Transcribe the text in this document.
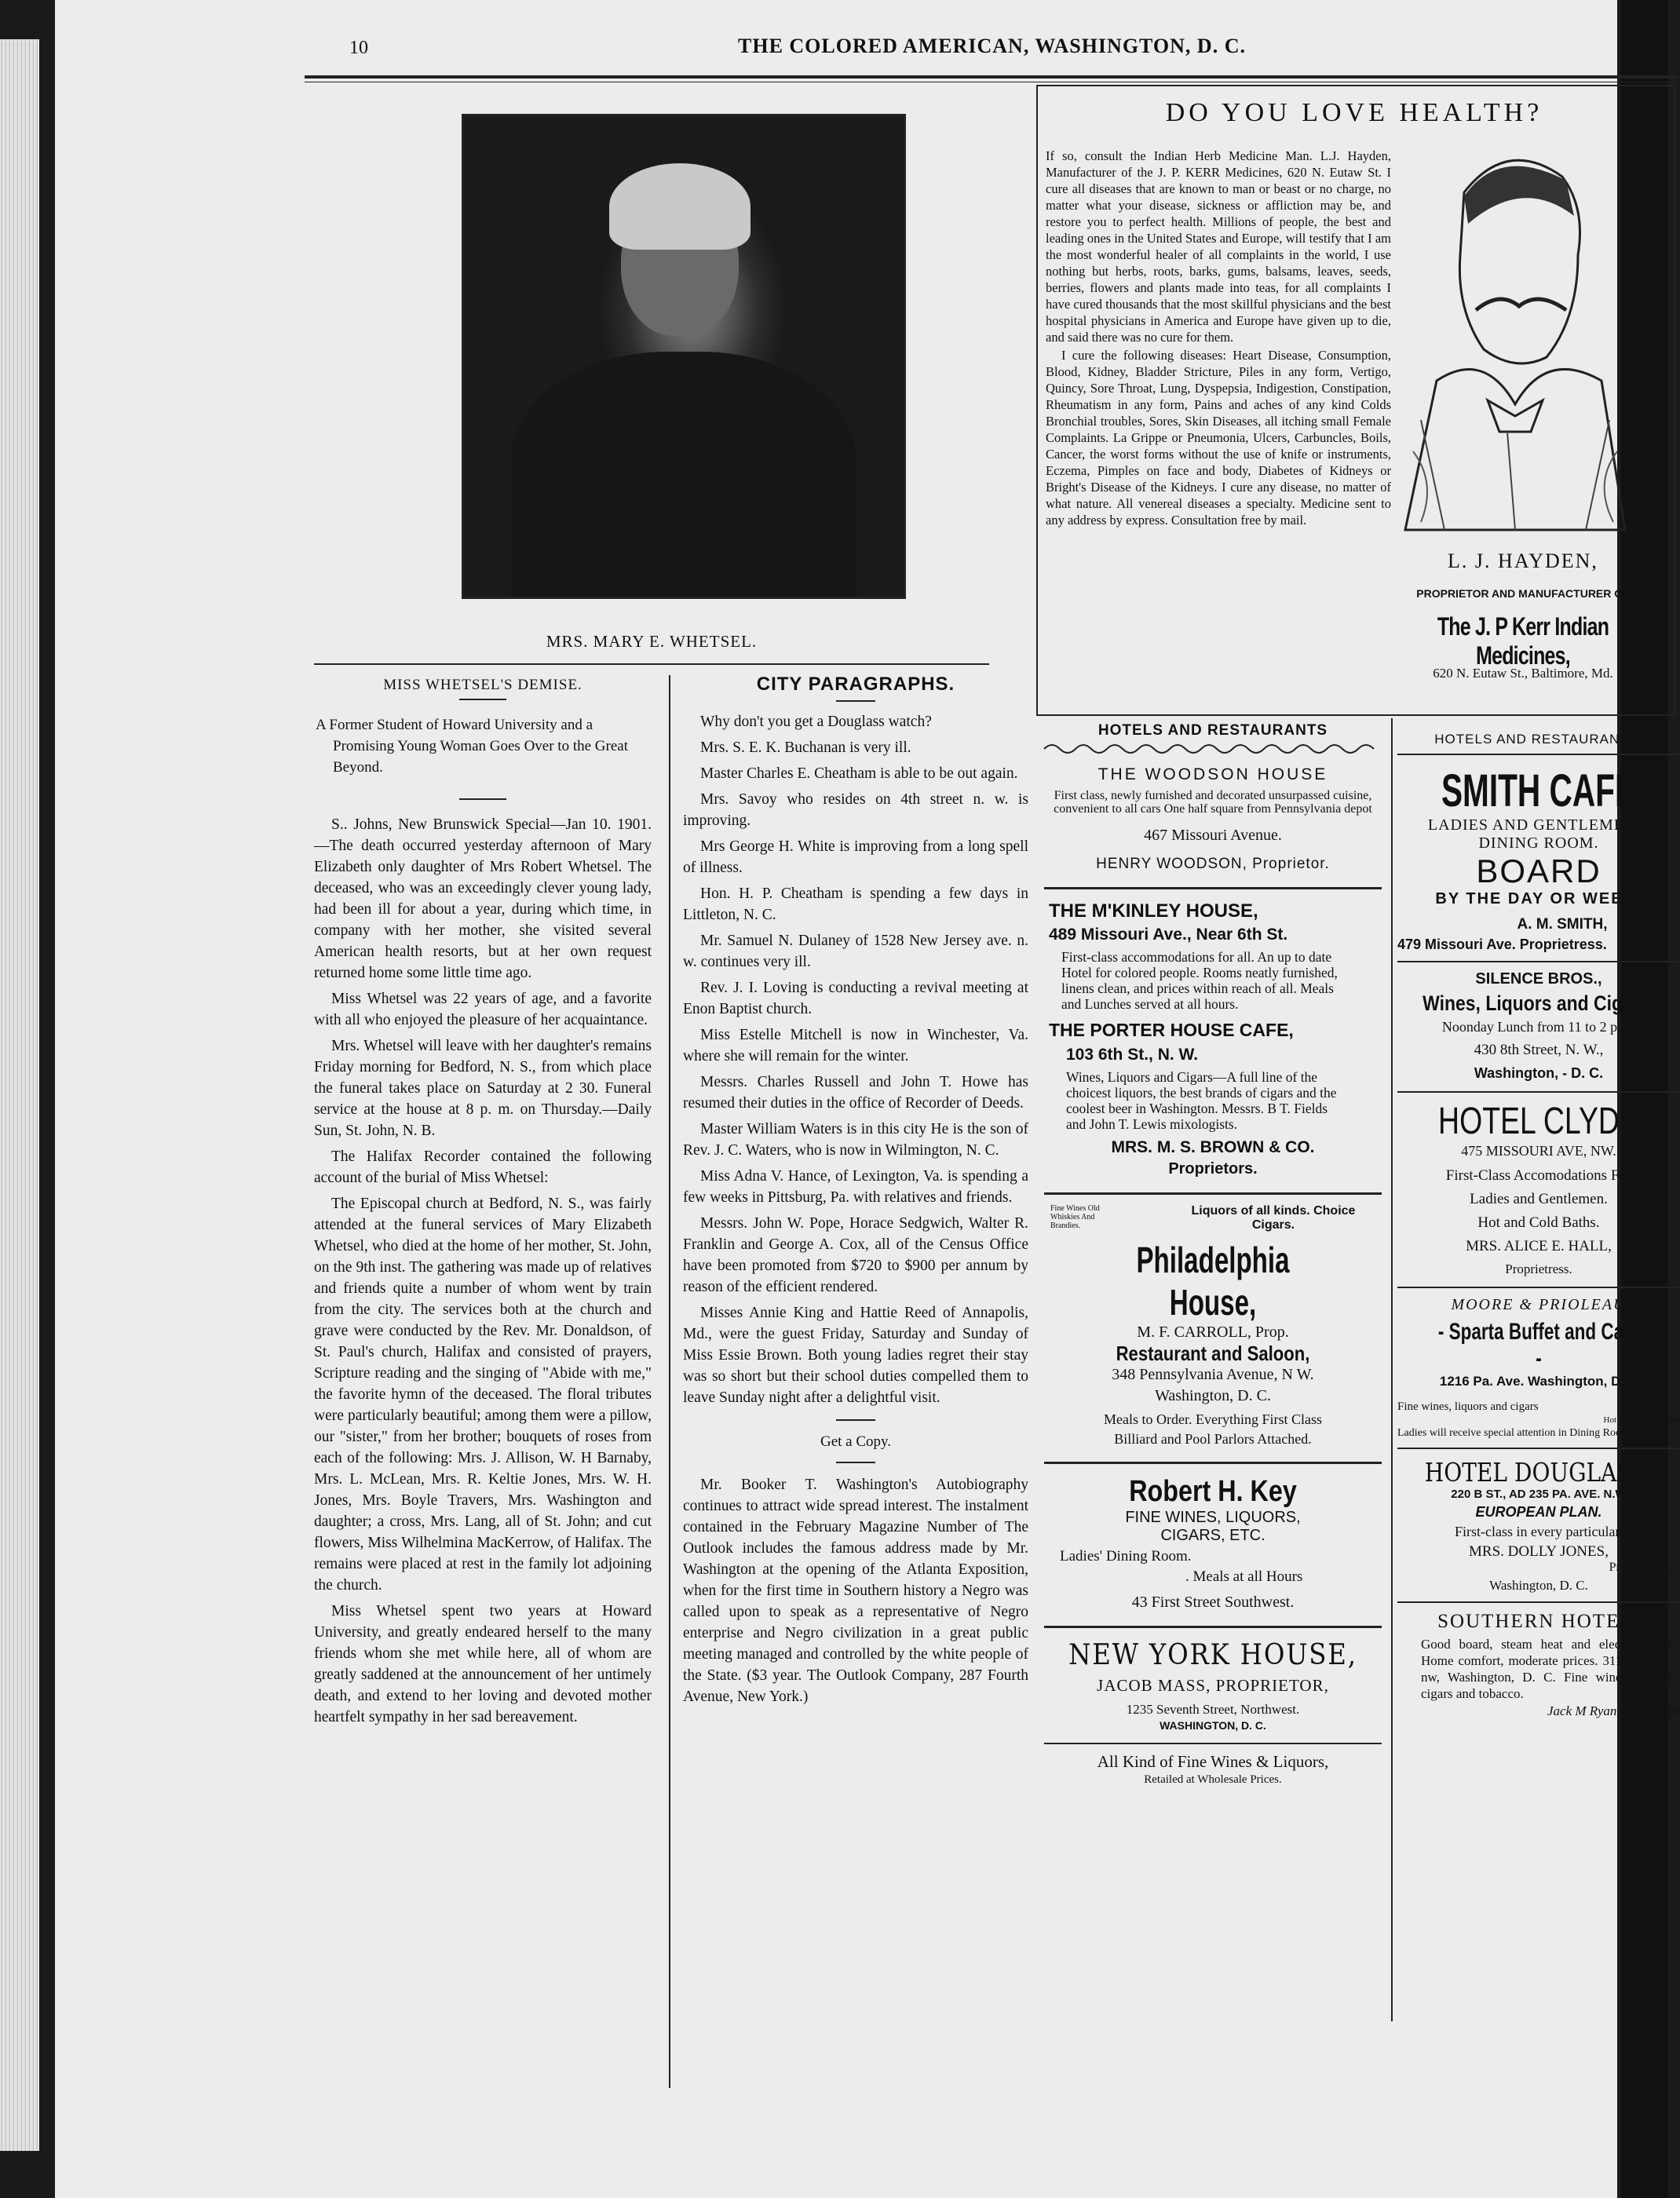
10	THE COLORED AMERICAN, WASHINGTON, D. C.
MRS. MARY E. WHETSEL.
MISS WHETSEL'S DEMISE.
A Former Student of Howard University and a Promising Young Woman Goes Over to the Great Beyond.

S.. Johns, New Brunswick Special—Jan 10. 1901.—The death occurred yesterday afternoon of Mary Elizabeth only daughter of Mrs Robert Whetsel. The deceased, who was an exceedingly clever young lady, had been ill for about a year, during which time, in company with her mother, she visited several American health resorts, but at her own request returned home some little time ago.

Miss Whetsel was 22 years of age, and a favorite with all who enjoyed the pleasure of her acquaintance.

Mrs. Whetsel will leave with her daughter's remains Friday morning for Bedford, N. S., from which place the funeral takes place on Saturday at 2 30. Funeral service at the house at 8 p. m. on Thursday.—Daily Sun, St. John, N. B.

The Halifax Recorder contained the following account of the burial of Miss Whetsel:

The Episcopal church at Bedford, N. S., was fairly attended at the funeral services of Mary Elizabeth Whetsel, who died at the home of her mother, St. John, on the 9th inst. The gathering was made up of relatives and friends quite a number of whom went by train from the city. The services both at the church and grave were conducted by the Rev. Mr. Donaldson, of St. Paul's church, Halifax and consisted of prayers, Scripture reading and the singing of "Abide with me," the favorite hymn of the deceased. The floral tributes were particularly beautiful; among them were a pillow, our "sister," from her brother; bouquets of roses from each of the following: Mrs. J. Allison, W. H Barnaby, Mrs. L. McLean, Mrs. R. Keltie Jones, Mrs. W. H. Jones, Mrs. Boyle Travers, Mrs. Washington and daughter; a cross, Mrs. Lang, all of St. John; and cut flowers, Miss Wilhelmina MacKerrow, of Halifax. The remains were placed at rest in the family lot adjoining the church.

Miss Whetsel spent two years at Howard University, and greatly endeared herself to the many friends whom she met while here, all of whom are greatly saddened at the announcement of her untimely death, and extend to her loving and devoted mother heartfelt sympathy in her sad bereavement.

CITY PARAGRAPHS.

Why don't you get a Douglass watch?

Mrs. S. E. K. Buchanan is very ill.

Master Charles E. Cheatham is able to be out again.

Mrs. Savoy who resides on 4th street n. w. is improving.

Mrs George H. White is improving from a long spell of illness.

Hon. H. P. Cheatham is spending a few days in Littleton, N. C.

Mr. Samuel N. Dulaney of 1528 New Jersey ave. n. w. continues very ill.

Rev. J. I. Loving is conducting a revival meeting at Enon Baptist church.

Miss Estelle Mitchell is now in Winchester, Va. where she will remain for the winter.

Messrs. Charles Russell and John T. Howe has resumed their duties in the office of Recorder of Deeds.

Master William Waters is in this city He is the son of Rev. J. C. Waters, who is now in Wilmington, N. C.

Miss Adna V. Hance, of Lexington, Va. is spending a few weeks in Pittsburg, Pa. with relatives and friends.

Messrs. John W. Pope, Horace Sedgwich, Walter R. Franklin and George A. Cox, all of the Census Office have been promoted from $720 to $900 per annum by reason of the efficient rendered.

Misses Annie King and Hattie Reed of Annapolis, Md., were the guest Friday, Saturday and Sunday of Miss Essie Brown. Both young ladies regret their stay was so short but their school duties compelled them to leave Sunday night after a delightful visit.

Get a Copy.

Mr. Booker T. Washington's Autobiography continues to attract wide spread interest. The instalment contained in the February Magazine Number of The Outlook includes the famous address made by Mr. Washington at the opening of the Atlanta Exposition, when for the first time in Southern history a Negro was called upon to speak as a representative of Negro enterprise and Negro civilization in a great public meeting managed and controlled by the white people of the State. ($3 year. The Outlook Company, 287 Fourth Avenue, New York.)

DO YOU LOVE HEALTH?
If so, consult the Indian Herb Medicine Man. L.J. Hayden, Manufacturer of the J. P. KERR Medicines, 620 N. Eutaw St. I cure all diseases that are known to man or beast or no charge, no matter what your disease, sickness or affliction may be, and restore you to perfect health. Millions of people, the best and leading ones in the United States and Europe, will testify that I am the most wonderful healer of all complaints in the world, I use nothing but herbs, roots, barks, gums, balsams, leaves, seeds, berries, flowers and plants made into teas, for all complaints I have cured thousands that the most skillful physicians and the best hospital physicians in America and Europe have given up to die, and said there was no cure for them.
I cure the following diseases: Heart Disease, Consumption, Blood, Kidney, Bladder Stricture, Piles in any form, Vertigo, Quincy, Sore Throat, Lung, Dyspepsia, Indigestion, Constipation, Rheumatism in any form, Pains and aches of any kind Colds Bronchial troubles, Sores, Skin Diseases, all itching small Female Complaints. La Grippe or Pneumonia, Ulcers, Carbuncles, Boils, Cancer, the worst forms without the use of knife or instruments, Eczema, Pimples on face and body, Diabetes of Kidneys or Bright's Disease of the Kidneys. I cure any disease, no matter of what nature. All venereal diseases a specialty. Medicine sent to any address by express. Consultation free by mail.
L. J. HAYDEN,
PROPRIETOR AND MANUFACTURER OF
The J. P Kerr Indian Medicines,
620 N. Eutaw St., Baltimore, Md.
HOTELS AND RESTAURANTS
THE WOODSON HOUSE
First class, newly furnished and decorated unsurpassed cuisine, convenient to all cars One half square from Pennsylvania depot
467 Missouri Avenue.
HENRY WOODSON, Proprietor.
THE M'KINLEY HOUSE,
489 Missouri Ave., Near 6th St.
First-class accommodations for all. An up to date Hotel for colored people. Rooms neatly furnished, linens clean, and prices within reach of all. Meals and Lunches served at all hours.
THE PORTER HOUSE CAFE,
103 6th St., N. W.
Wines, Liquors and Cigars—A full line of the choicest liquors, the best brands of cigars and the coolest beer in Washington. Messrs. B T. Fields and John T. Lewis mixologists.
MRS. M. S. BROWN & CO.
Proprietors.
Fine Wines Old Whiskies And Brandies.
Liquors of all kinds. Choice Cigars.
Philadelphia House,
M. F. CARROLL, Prop.
Restaurant and Saloon,
348 Pennsylvania Avenue, N W.
Washington, D. C.
Meals to Order. Everything First Class
Billiard and Pool Parlors Attached.
Robert H. Key
FINE WINES, LIQUORS,
CIGARS, ETC.
Ladies' Dining Room.
. Meals at all Hours
43 First Street Southwest.
NEW YORK HOUSE,
JACOB MASS, PROPRIETOR,
1235 Seventh Street, Northwest.
WASHINGTON, D. C.
All Kind of Fine Wines & Liquors,
Retailed at Wholesale Prices.
HOTELS AND RESTAURANTS.
SMITH CAFE
LADIES AND GENTLEMEN'S
DINING ROOM.
BOARD
BY THE DAY OR WEEK.
A. M. SMITH,
479 Missouri Ave. Proprietress.
SILENCE BROS.,
Wines, Liquors and Cigars,
Noonday Lunch from 11 to 2 p.m.
430 8th Street, N. W.,
Washington, - D. C.
HOTEL CLYDE
475 MISSOURI AVE, NW.
First-Class Accomodations For
Ladies and Gentlemen.
Hot and Cold Baths.
MRS. ALICE E. HALL,
Proprietress.
MOORE & PRIOLEAU
- Sparta Buffet and Cafe -
1216 Pa. Ave. Washington, D.C.
Fine wines, liquors and cigars
Hot Lunch Every Day
Ladies will receive special attention in Dining Room upstairs
HOTEL DOUGLASS.
220 B ST., AD 235 PA. AVE. N.W
EUROPEAN PLAN.
First-class in every particular.
MRS. DOLLY JONES,
Proprietress.
Washington, D. C.
SOUTHERN HOTEL,
Good board, steam heat and electric bells, Home comfort, moderate prices. 311 Pa. Ave., nw, Washington, D. C. Fine wines liquors, cigars and tobacco.
Jack M Ryan, Proprietor
